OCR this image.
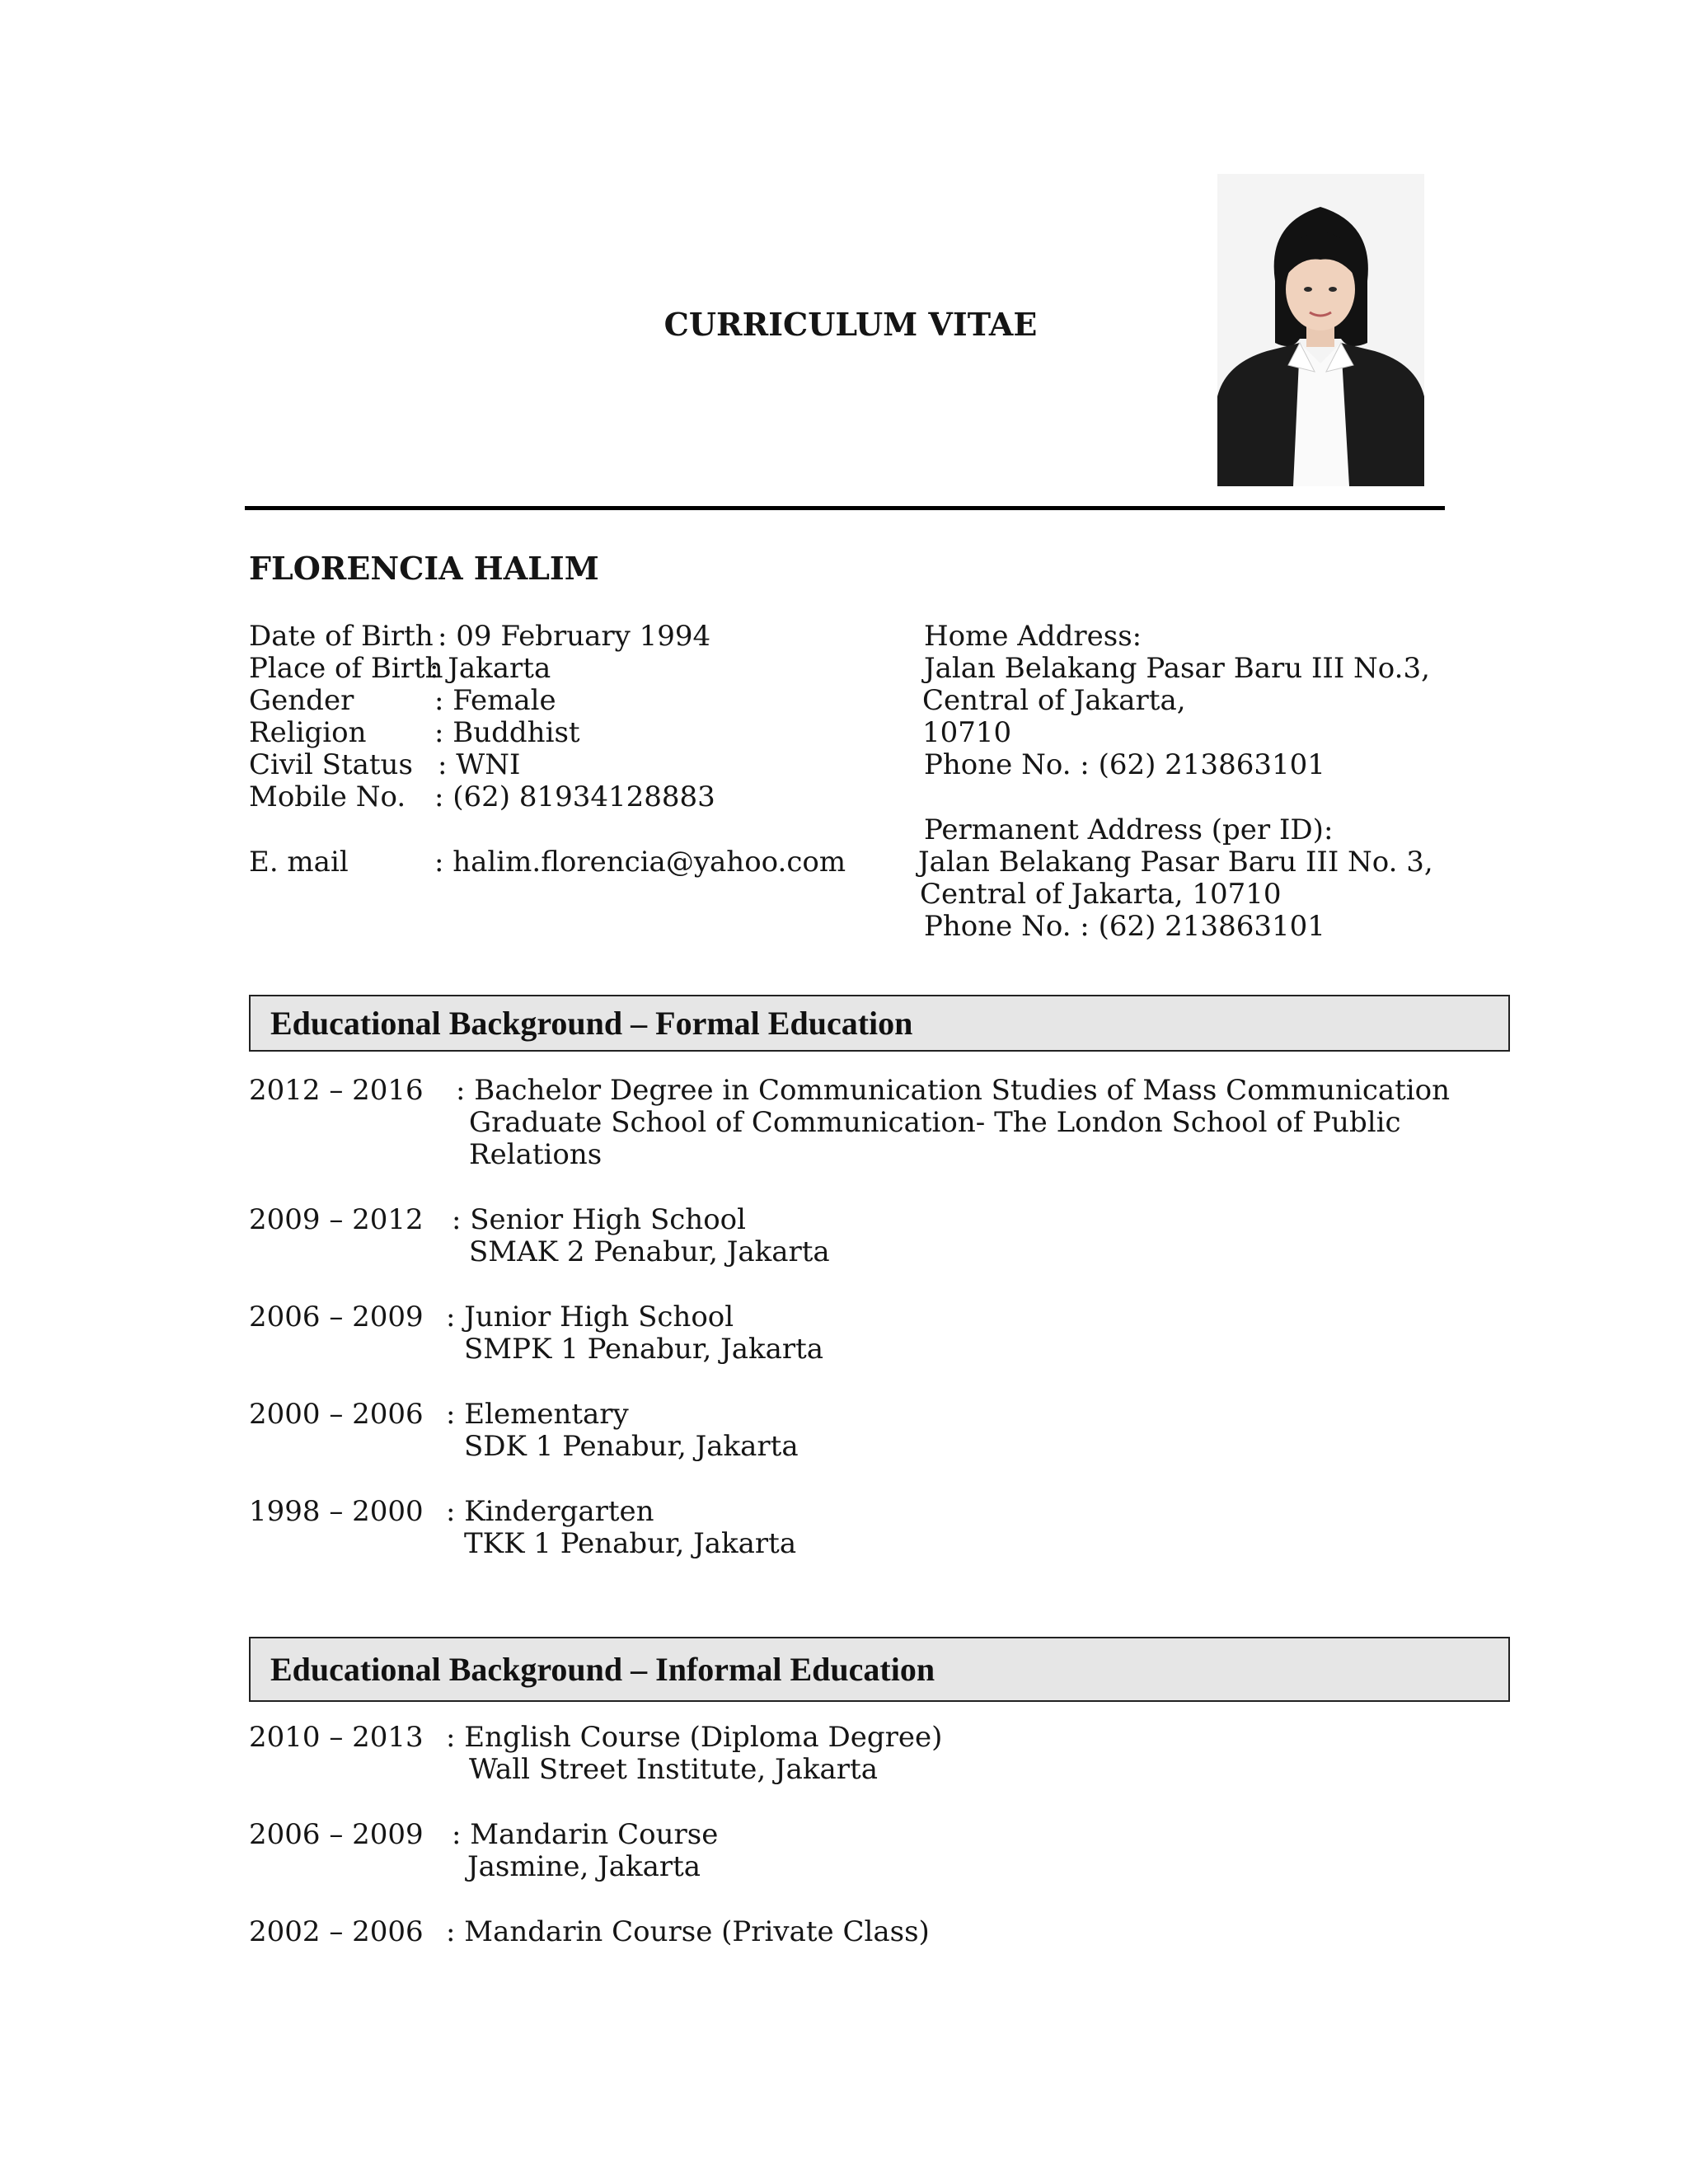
CURRICULUM VITAE
FLORENCIA HALIM
Date of Birth : 09 February 1994
Place of Birth
: Jakarta
Gender	: Female
Religion : Buddhist
Civil Status : WNI
Mobile No. : (62) 81934128883
E. mail	: halim.florencia@yahoo.com
Home Address:
Jalan Belakang Pasar Baru III No.3,
Central of Jakarta,
10710
Phone No. : (62) 213863101
Permanent Address (per ID):
Jalan Belakang Pasar Baru III No. 3,
Central of Jakarta, 10710
Phone No. : (62) 213863101
Educational Background – Formal Education
2012 – 2016 : Bachelor Degree in Communication Studies of Mass Communication
Graduate School of Communication- The London School of Public
Relations
2009 – 2012 : Senior High School
SMAK 2 Penabur, Jakarta
2006 – 2009 : Junior High School
SMPK 1 Penabur, Jakarta
2000 – 2006 : Elementary
SDK 1 Penabur, Jakarta
1998 – 2000 : Kindergarten
TKK 1 Penabur, Jakarta
Educational Background – Informal Education
2010 – 2013 : English Course (Diploma Degree)
Wall Street Institute, Jakarta
2006 – 2009 : Mandarin Course
Jasmine, Jakarta
2002 – 2006 : Mandarin Course (Private Class)
